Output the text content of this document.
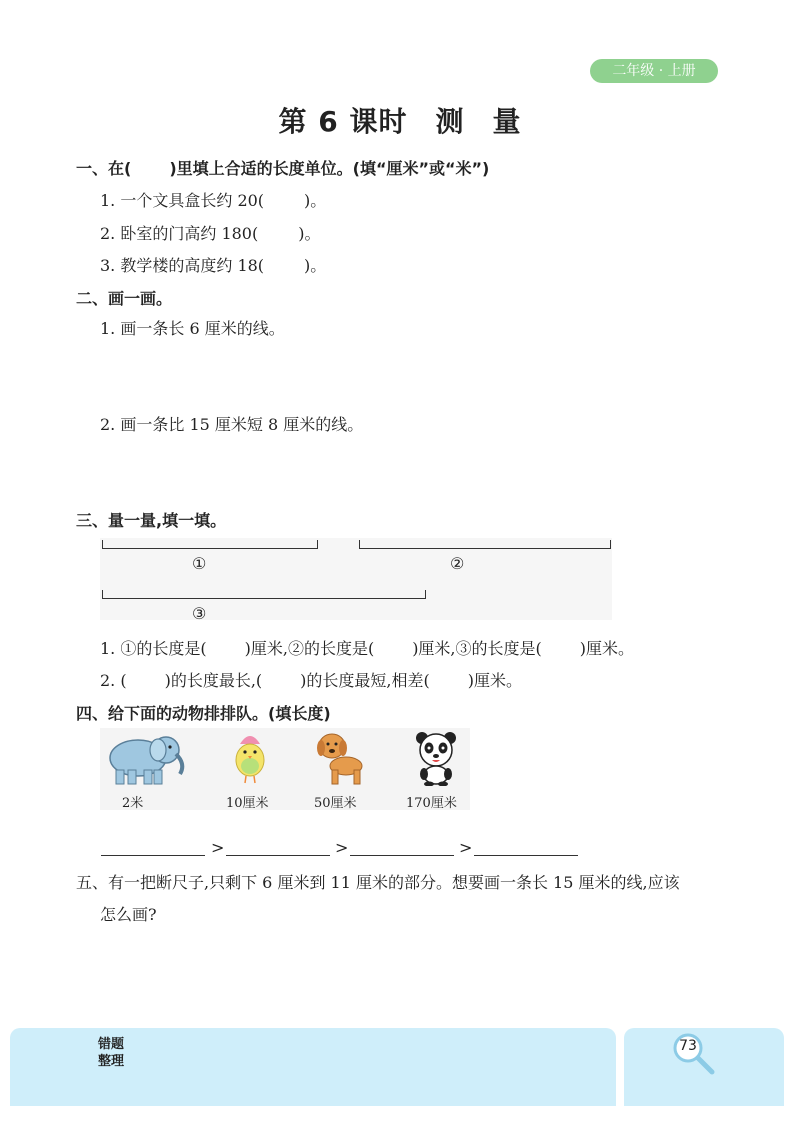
二年级 · 上册
第 6 课时 测 量
一、在( )里填上合适的长度单位。(填“厘米”或“米”)
1. 一个文具盒长约 20(	)。
2. 卧室的门高约 180(	)。
3. 教学楼的高度约 18(	)。
二、画一画。
1. 画一条长 6 厘米的线。
2. 画一条比 15 厘米短 8 厘米的线。
三、量一量,填一填。
①	②
③
1. ①的长度是( )厘米,②的长度是( )厘米,③的长度是( )厘米。
2. ( )的长度最长,( )的长度最短,相差( )厘米。
四、给下面的动物排排队。(填长度)
2米	10厘米	50厘米	170厘米
>	>	>
五、有一把断尺子,只剩下 6 厘米到 11 厘米的部分。想要画一条长 15 厘米的线,应该
怎么画?
错题
整理
73
